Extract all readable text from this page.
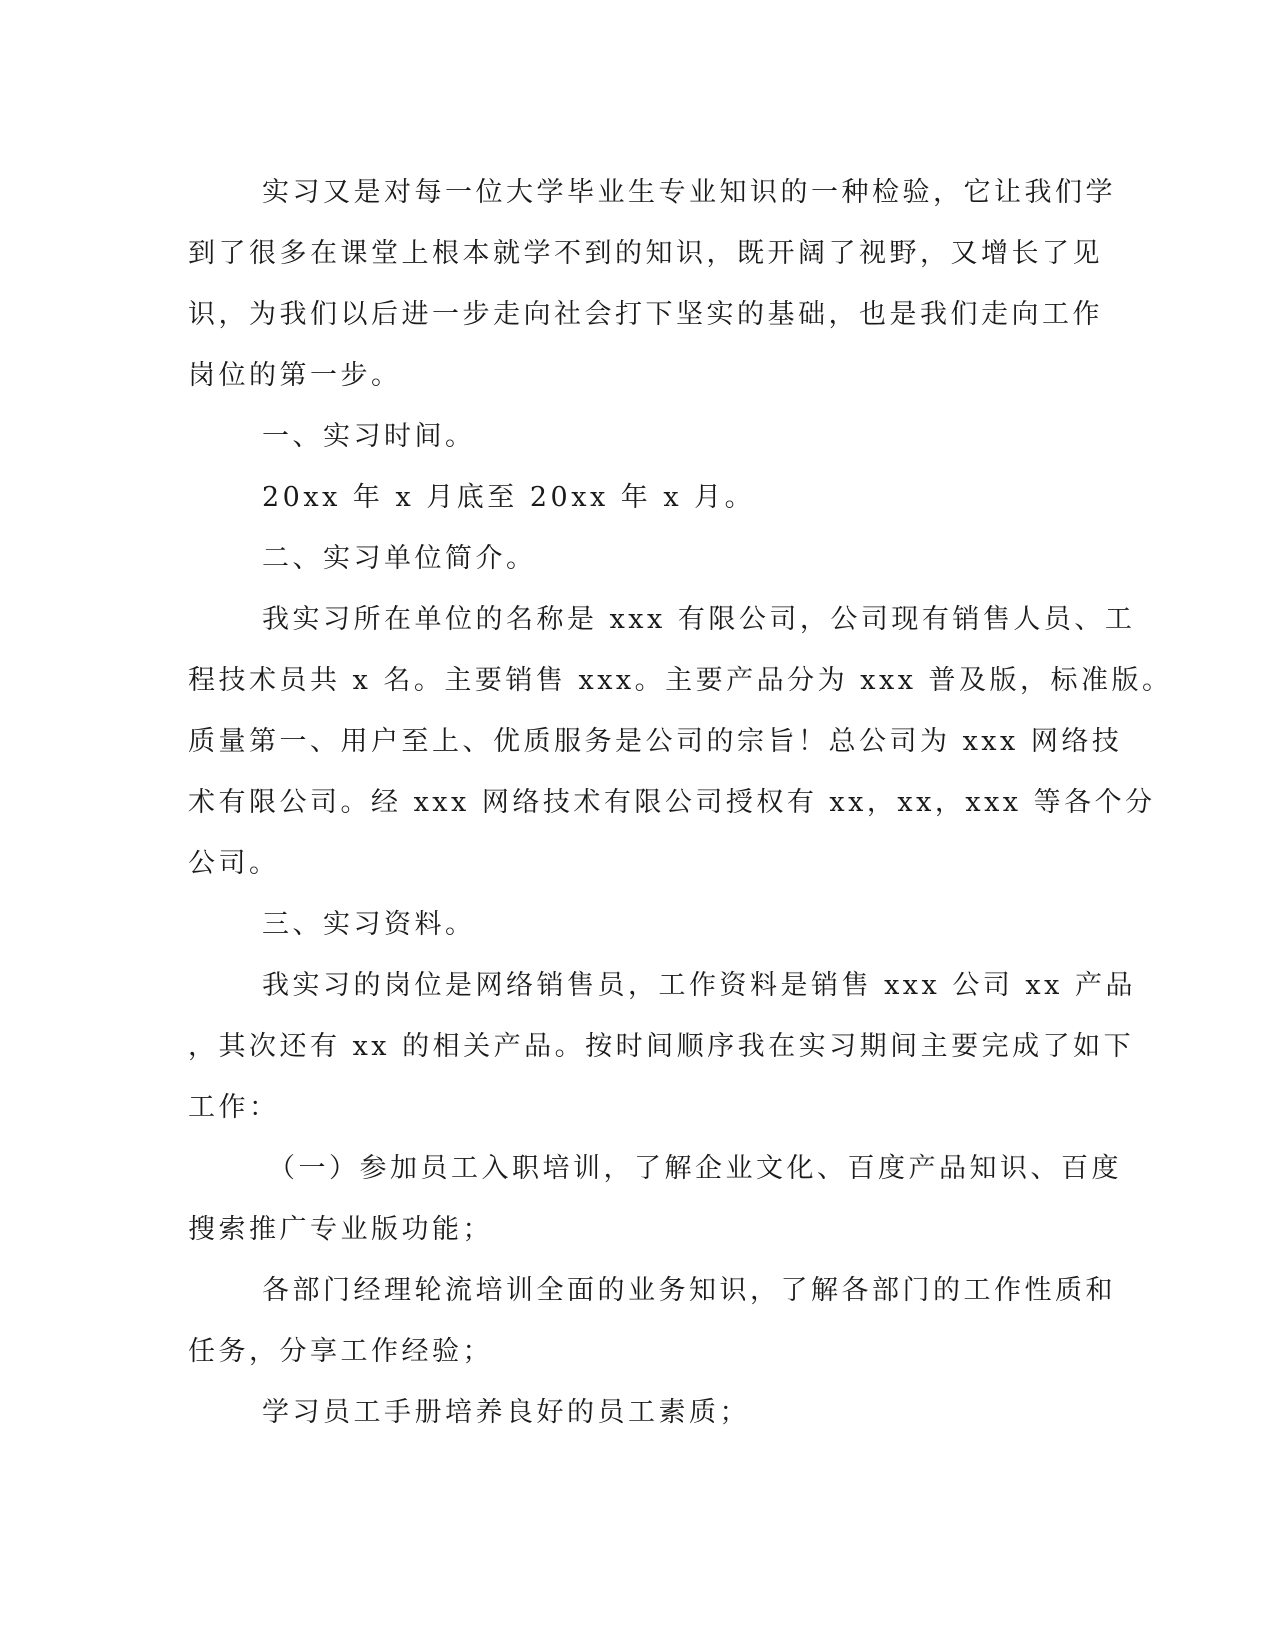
实习又是对每一位大学毕业生专业知识的一种检验，它让我们学
到了很多在课堂上根本就学不到的知识，既开阔了视野，又增长了见
识，为我们以后进一步走向社会打下坚实的基础，也是我们走向工作
岗位的第一步。
一、实习时间。
20xx 年 x 月底至 20xx 年 x 月。
二、实习单位简介。
我实习所在单位的名称是 xxx 有限公司，公司现有销售人员、工
程技术员共 x 名。主要销售 xxx。主要产品分为 xxx 普及版，标准版。
质量第一、用户至上、优质服务是公司的宗旨！总公司为 xxx 网络技
术有限公司。经 xxx 网络技术有限公司授权有 xx，xx，xxx 等各个分
公司。
三、实习资料。
我实习的岗位是网络销售员，工作资料是销售 xxx 公司 xx 产品
，其次还有 xx 的相关产品。按时间顺序我在实习期间主要完成了如下
工作：
（一）参加员工入职培训，了解企业文化、百度产品知识、百度
搜索推广专业版功能；
各部门经理轮流培训全面的业务知识，了解各部门的工作性质和
任务，分享工作经验；
学习员工手册培养良好的员工素质；
